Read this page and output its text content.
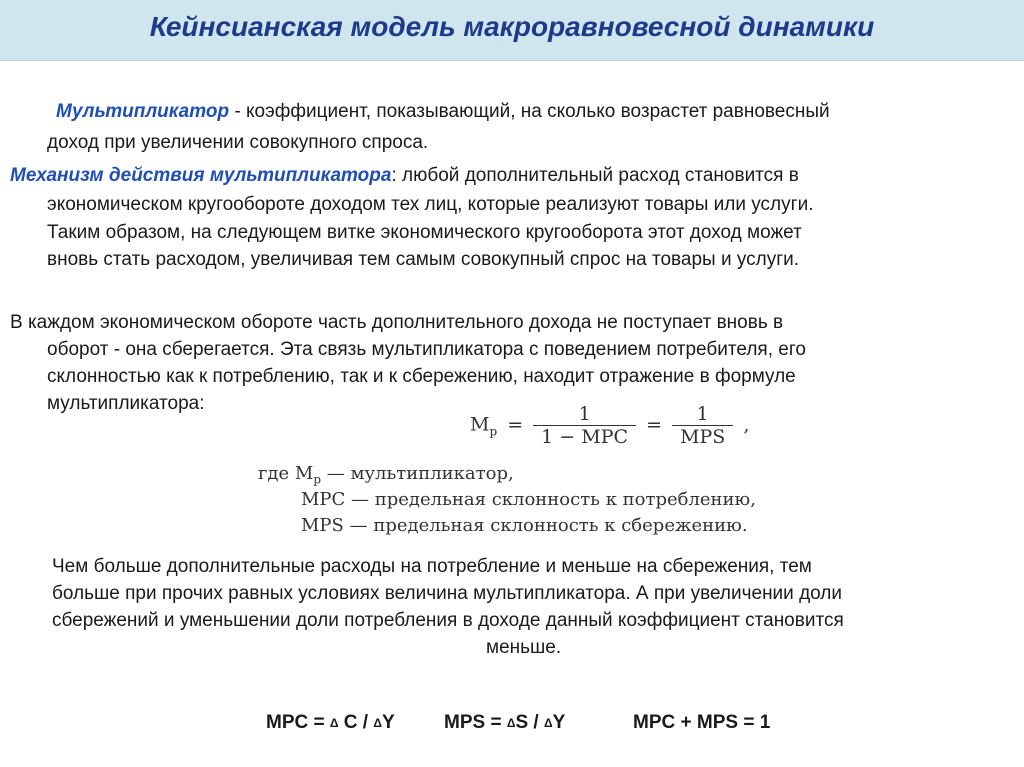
Кейнсианская модель макроравновесной динамики
Мультипликатор - коэффициент, показывающий, на сколько возрастет равновесный
доход при увеличении совокупного спроса.
Механизм действия мультипликатора: любой дополнительный расход становится в
экономическом кругообороте доходом тех лиц, которые реализуют товары или услуги.
Таким образом, на следующем витке экономического кругооборота этот доход может
вновь стать расходом, увеличивая тем самым совокупный спрос на товары и услуги.
В каждом экономическом обороте часть дополнительного дохода не поступает вновь в
оборот - она сберегается. Эта связь мультипликатора с поведением потребителя, его
склонностью как к потреблению, так и к сбережению, находит отражение в формуле
мультипликатора:
$M_p = \frac{1}{\text{1 − MPC}} = \frac{1}{\text{MPS}}$ ,
где $M_p$ — мультипликатор,
MPC — предельная склонность к потреблению,
MPS — предельная склонность к сбережению.
Чем больше дополнительные расходы на потребление и меньше на сбережения, тем
больше при прочих равных условиях величина мультипликатора. А при увеличении доли
сбережений и уменьшении доли потребления в доходе данный коэффициент становится
меньше.
MPC = Δ C / ΔY	MPS = ΔS / ΔY	MPC + MPS = 1
